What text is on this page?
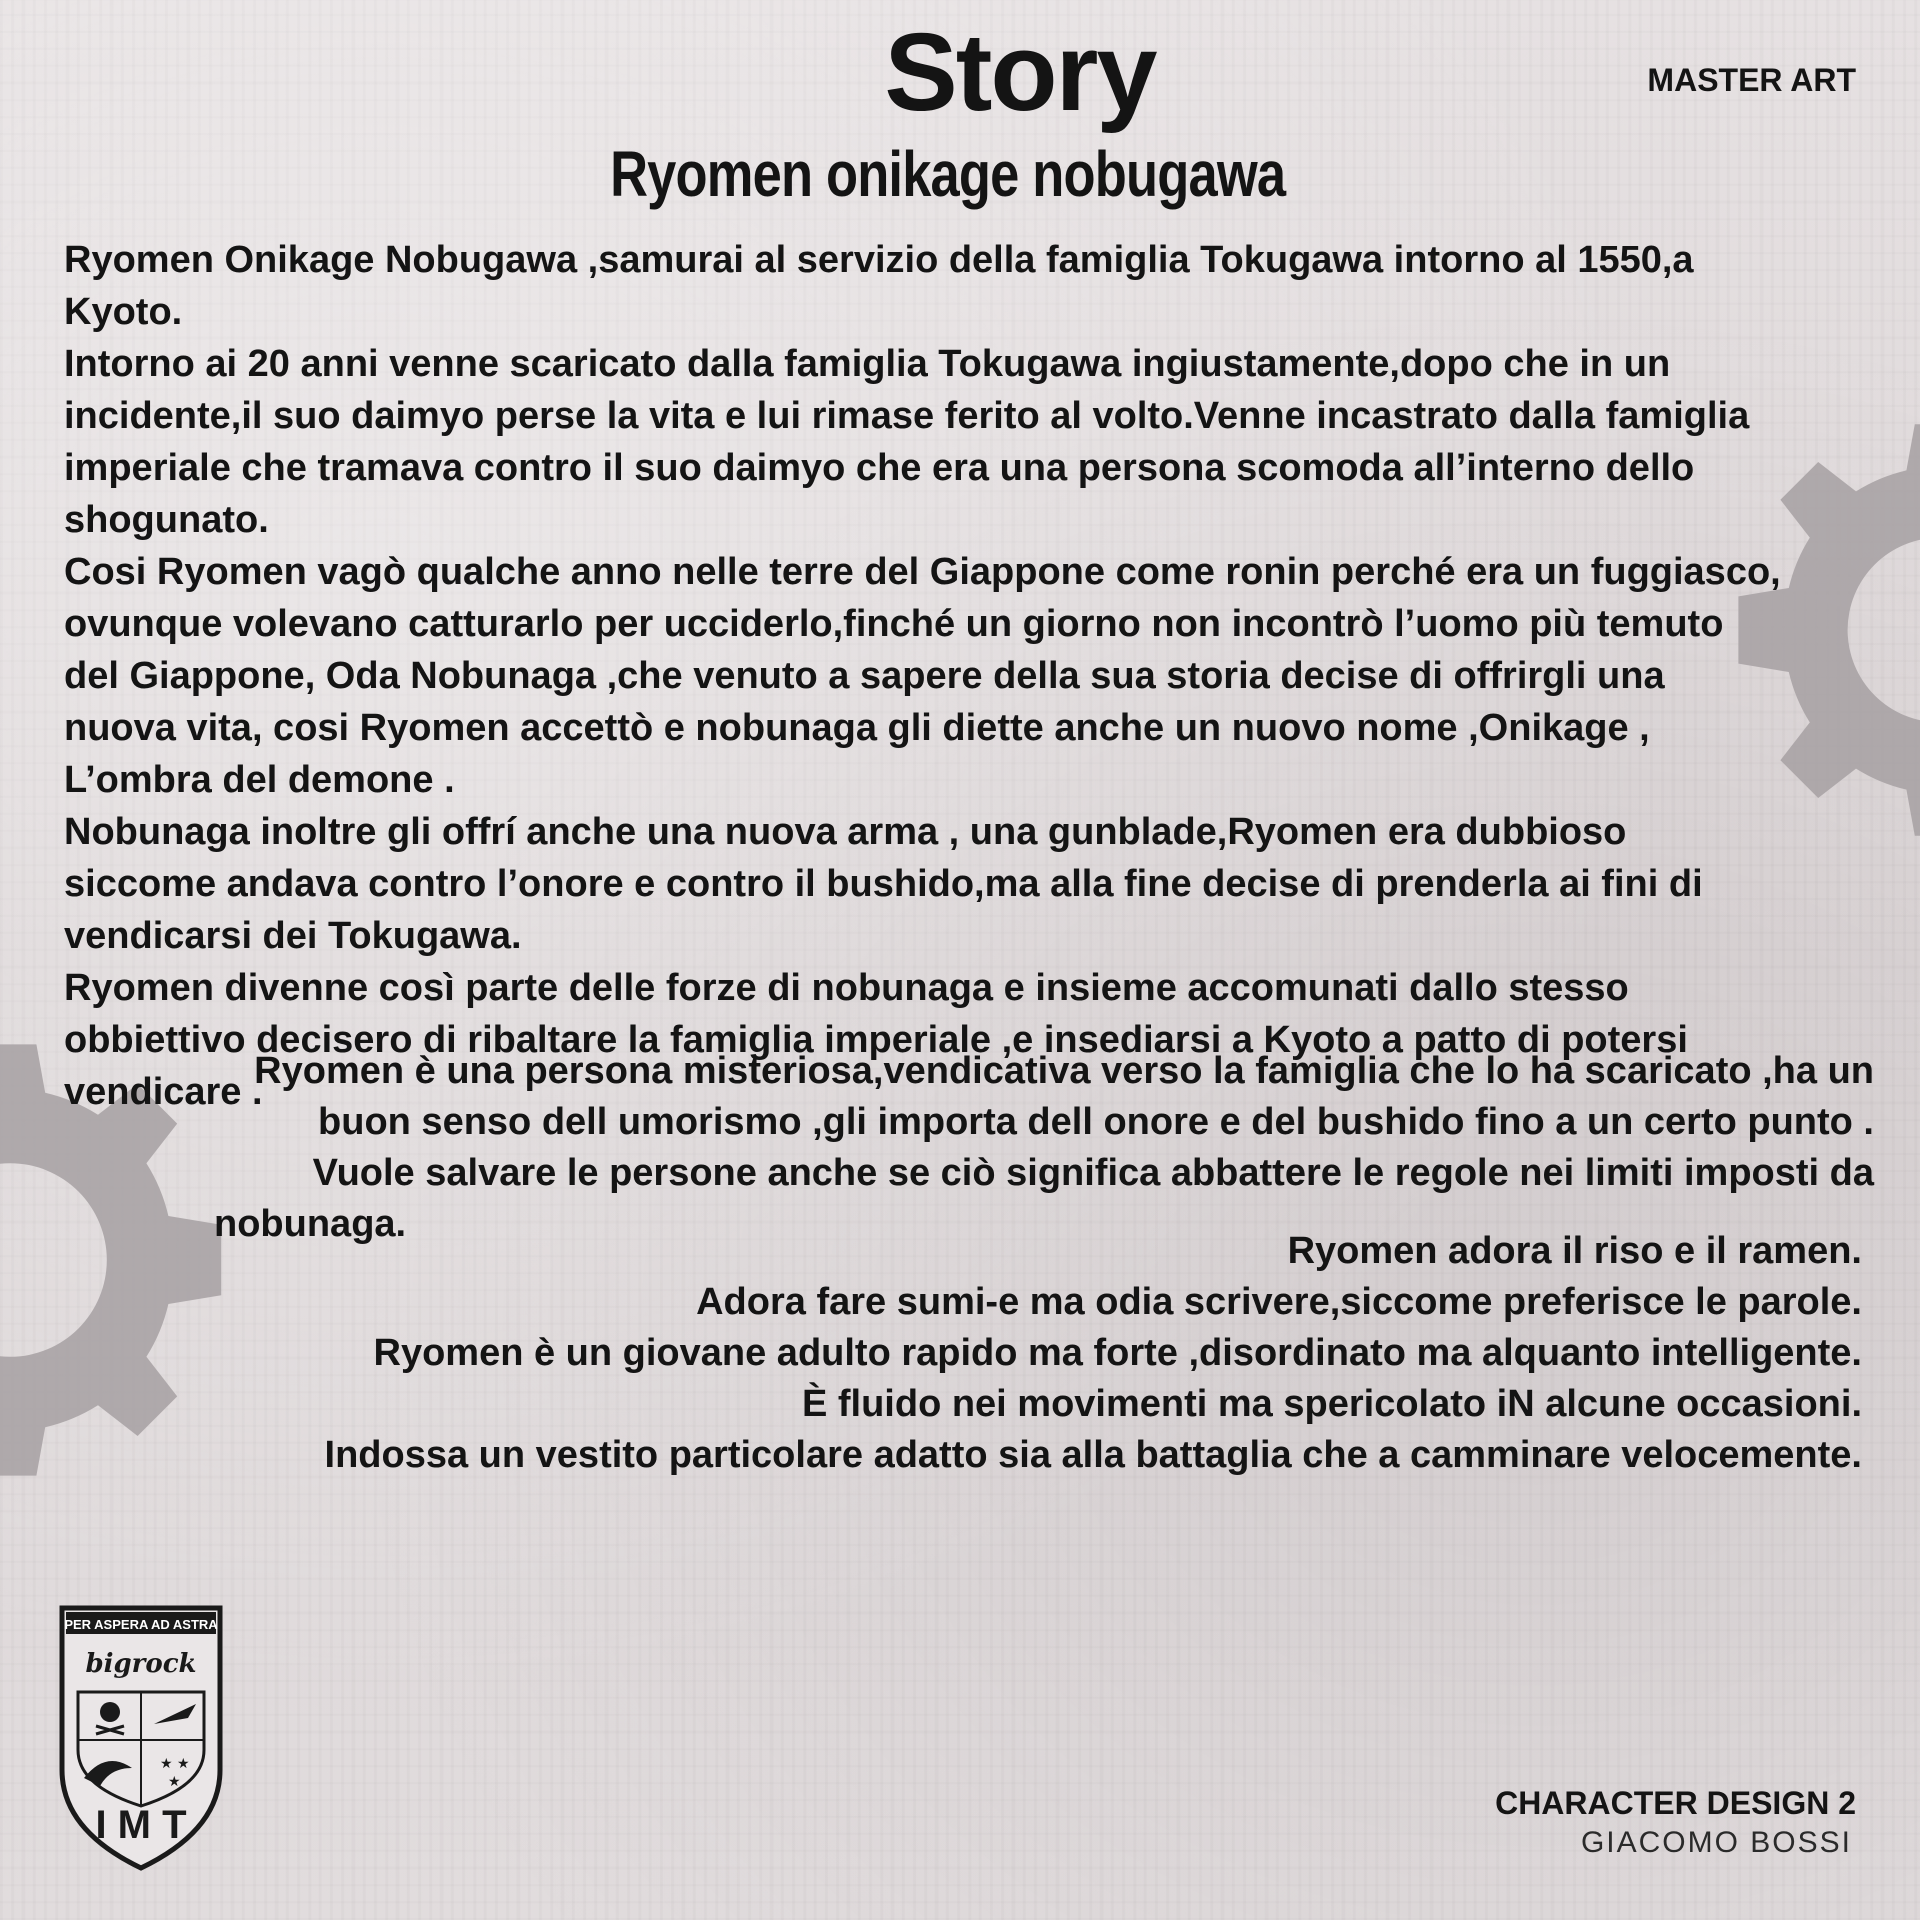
Story
Ryomen onikage nobugawa
MASTER ART

Ryomen Onikage Nobugawa ,samurai al servizio della famiglia Tokugawa intorno al 1550,a Kyoto.

Intorno ai 20 anni venne scaricato dalla famiglia Tokugawa ingiustamente,dopo che in un incidente,il suo daimyo perse la vita e lui rimase ferito al volto.Venne incastrato dalla famiglia imperiale che tramava contro il suo daimyo che era una persona scomoda all’interno dello shogunato.

Cosi Ryomen vagò qualche anno nelle terre del Giappone come ronin perché era un fuggiasco, ovunque volevano catturarlo per ucciderlo,finché un giorno non incontrò l’uomo più temuto del Giappone, Oda Nobunaga ,che venuto a sapere della sua storia decise di offrirgli una nuova vita, cosi Ryomen accettò e nobunaga gli diette anche un nuovo nome ,Onikage , L’ombra del demone .

Nobunaga inoltre gli offrí anche una nuova arma , una gunblade,Ryomen era dubbioso siccome andava contro l’onore e contro il bushido,ma alla fine decise di prenderla ai fini di vendicarsi dei Tokugawa.

Ryomen divenne così parte delle forze di nobunaga e insieme accomunati dallo stesso obbiettivo decisero di ribaltare la famiglia imperiale ,e insediarsi a Kyoto a patto di potersi vendicare .

Ryomen è una persona misteriosa,vendicativa verso la famiglia che lo ha scaricato ,ha un

buon senso dell umorismo ,gli importa dell onore e del bushido fino a un certo punto .

Vuole salvare le persone anche se ciò significa abbattere le regole nei limiti imposti da

nobunaga.

Ryomen adora il riso e il ramen.

Adora fare sumi-e ma odia scrivere,siccome preferisce le parole.

Ryomen è un giovane adulto rapido ma forte ,disordinato ma alquanto intelligente.

È fluido nei movimenti ma spericolato iN alcune occasioni.

Indossa un vestito particolare adatto sia alla battaglia che a camminare velocemente.

PER ASPERA AD ASTRA
bigrock
★ ★
★
I M T	CHARACTER DESIGN 2
GIACOMO BOSSI
